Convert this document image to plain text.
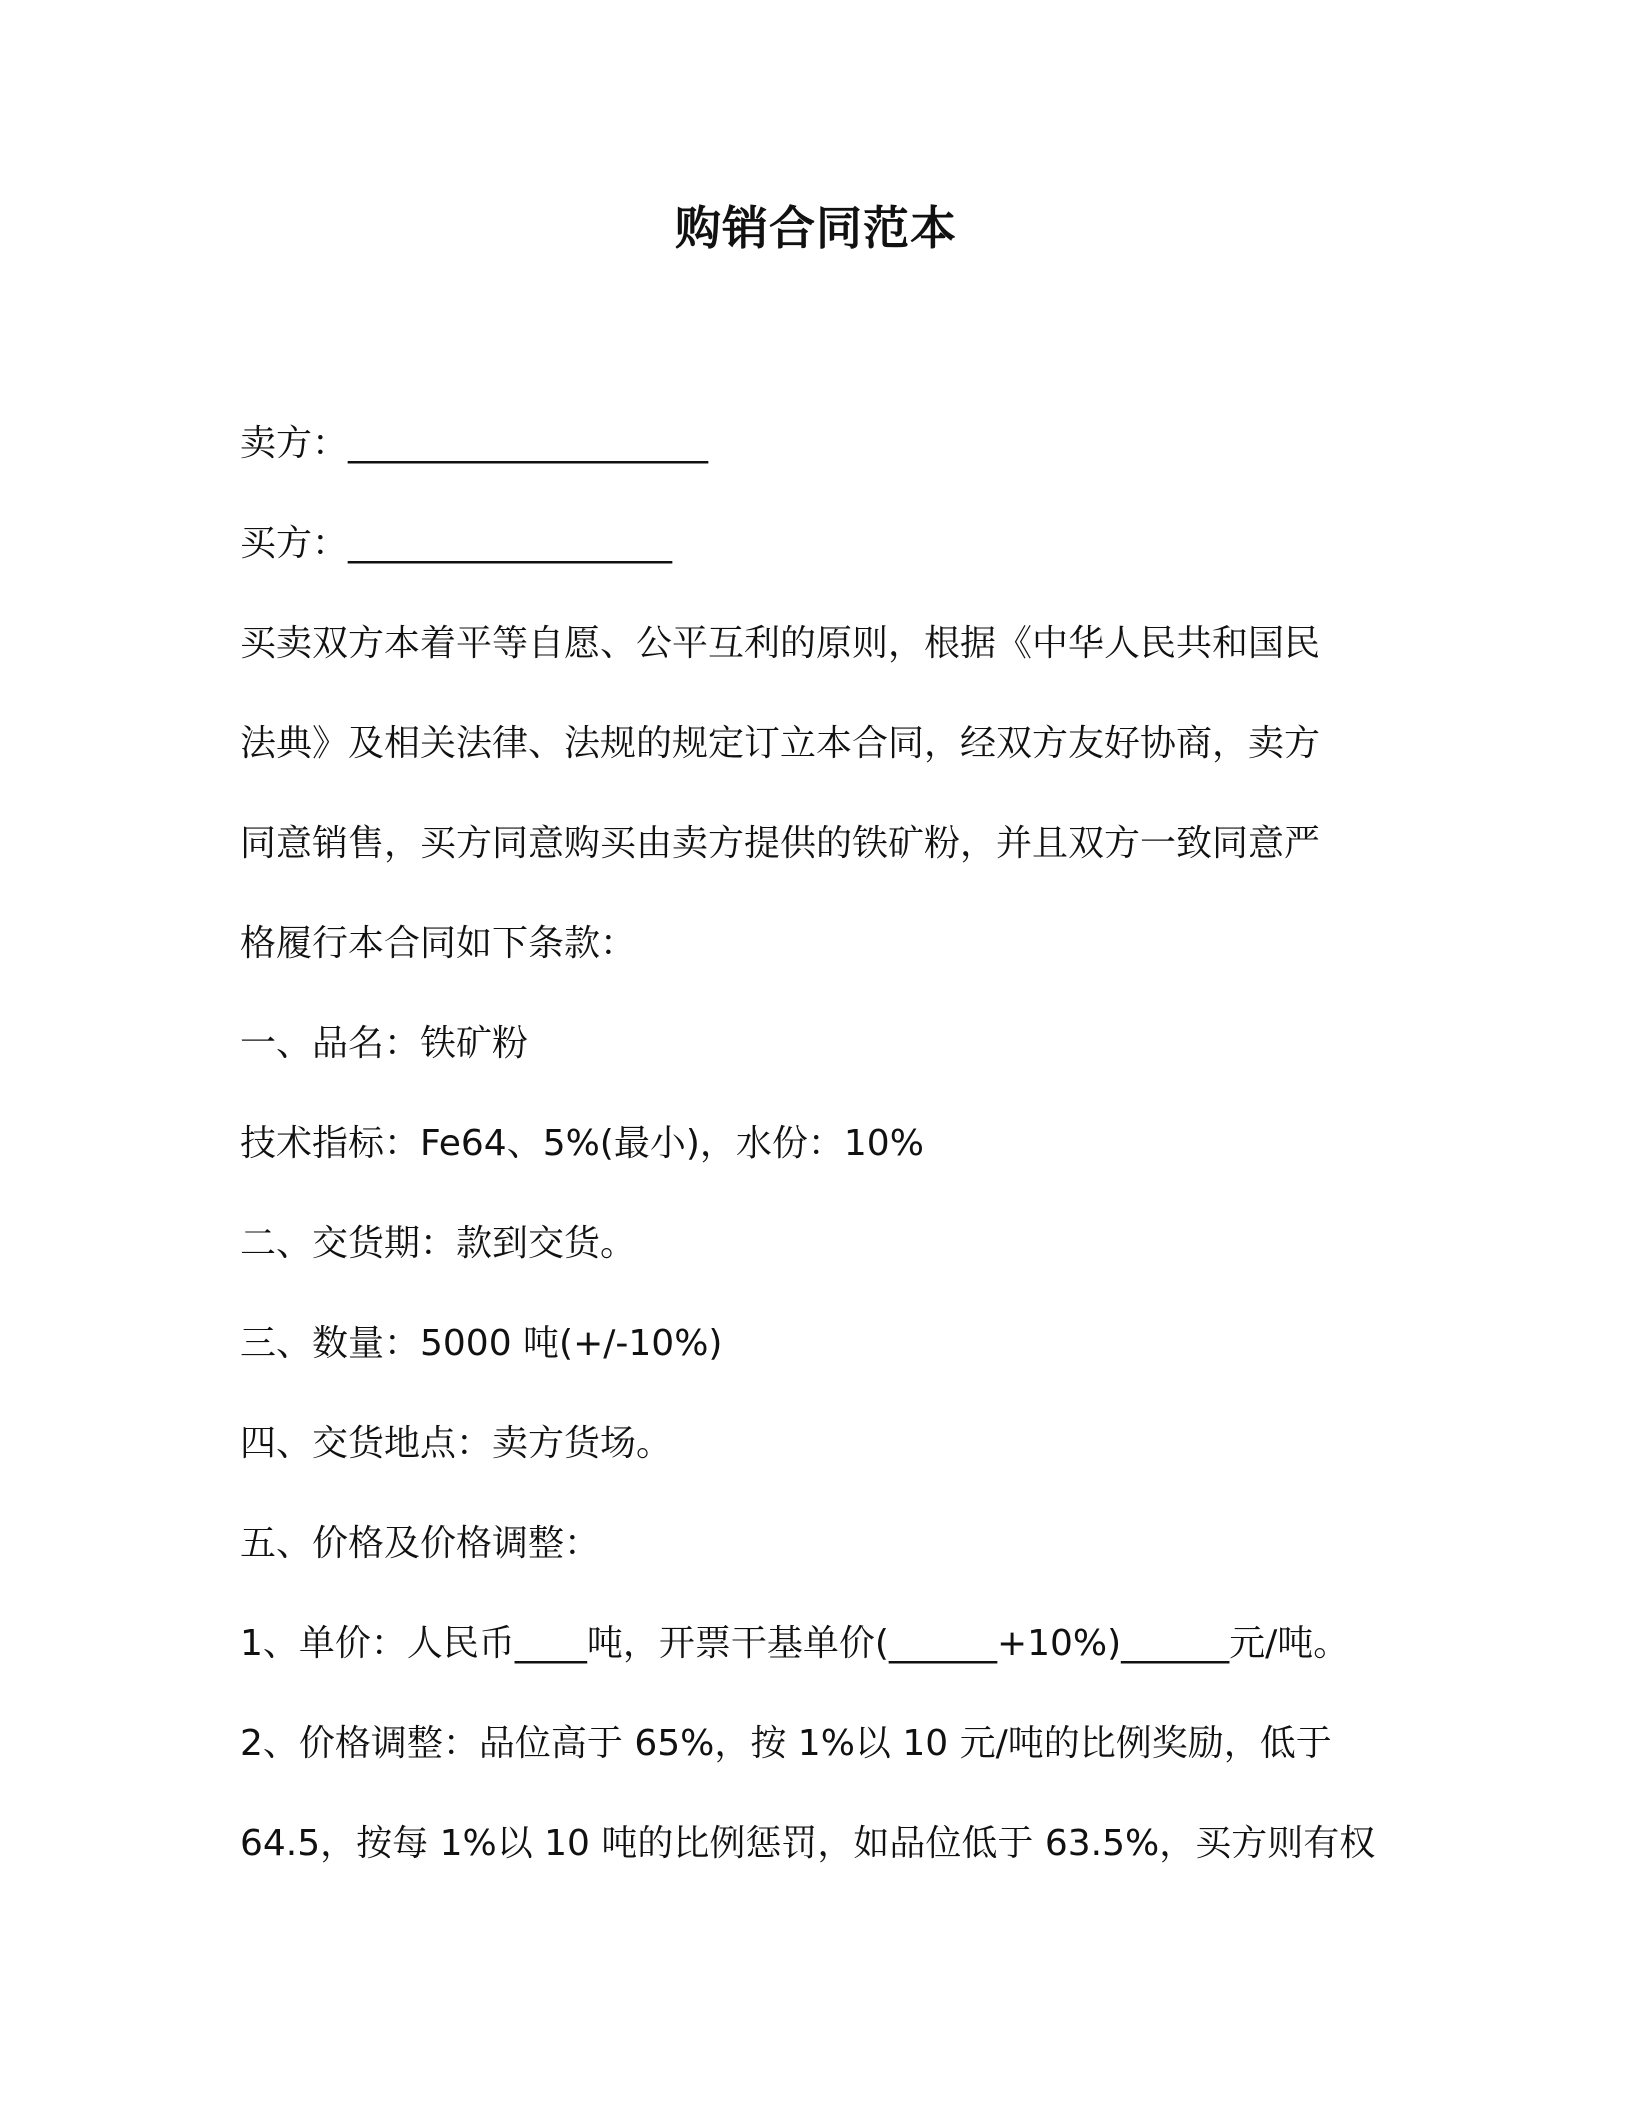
购销合同范本
卖方：____________________
买方：__________________
买卖双方本着平等自愿、公平互利的原则，根据《中华人民共和国民
法典》及相关法律、法规的规定订立本合同，经双方友好协商，卖方
同意销售，买方同意购买由卖方提供的铁矿粉，并且双方一致同意严
格履行本合同如下条款：
一、品名：铁矿粉
技术指标：Fe64、5%(最小)，水份：10%
二、交货期：款到交货。
三、数量：5000 吨(+/-10%)
四、交货地点：卖方货场。
五、价格及价格调整：
1、单价：人民币____吨，开票干基单价(______+10%)______元/吨。
2、价格调整：品位高于 65%，按 1%以 10 元/吨的比例奖励，低于
64.5，按每 1%以 10 吨的比例惩罚，如品位低于 63.5%，买方则有权
